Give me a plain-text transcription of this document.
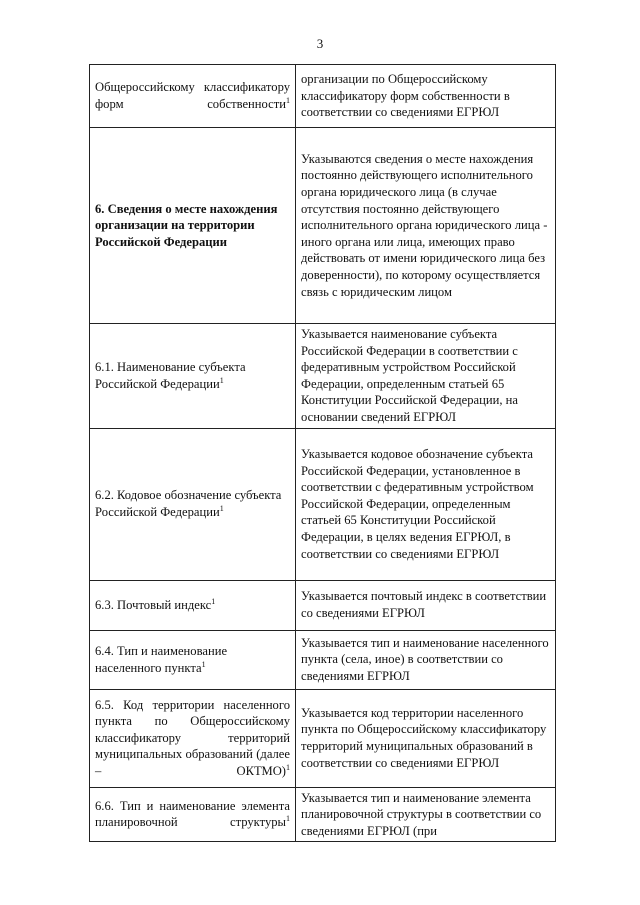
3
Общероссийскому классификатору форм собственности$^1$	организации по Общероссийскому классификатору форм собственности в соответствии со сведениями ЕГРЮЛ
6. Сведения о месте нахождения организации на территории Российской Федерации	Указываются сведения о месте нахождения постоянно действующего исполнительного органа юридического лица (в случае отсутствия постоянно действующего исполнительного органа юридического лица - иного органа или лица, имеющих право действовать от имени юридического лица без доверенности), по которому осуществляется связь с юридическим лицом
6.1. Наименование субъекта Российской Федерации$^1$	Указывается наименование субъекта Российской Федерации в соответствии с федеративным устройством Российской Федерации, определенным статьей 65 Конституции Российской Федерации, на основании сведений ЕГРЮЛ
6.2. Кодовое обозначение субъекта Российской Федерации$^1$	Указывается кодовое обозначение субъекта Российской Федерации, установленное в соответствии с федеративным устройством Российской Федерации, определенным статьей 65 Конституции Российской Федерации, в целях ведения ЕГРЮЛ, в соответствии со сведениями ЕГРЮЛ
6.3. Почтовый индекс$^1$	Указывается почтовый индекс в соответствии со сведениями ЕГРЮЛ
6.4. Тип и наименование населенного пункта$^1$	Указывается тип и наименование населенного пункта (села, иное) в соответствии со сведениями ЕГРЮЛ
6.5. Код территории населенного пункта по Общероссийскому классификатору территорий муниципальных образований (далее – ОКТМО)$^1$	Указывается код территории населенного пункта по Общероссийскому классификатору территорий муниципальных образований в соответствии со сведениями ЕГРЮЛ
6.6. Тип и наименование элемента планировочной структуры$^1$	Указывается тип и наименование элемента планировочной структуры в соответствии со сведениями ЕГРЮЛ (при
